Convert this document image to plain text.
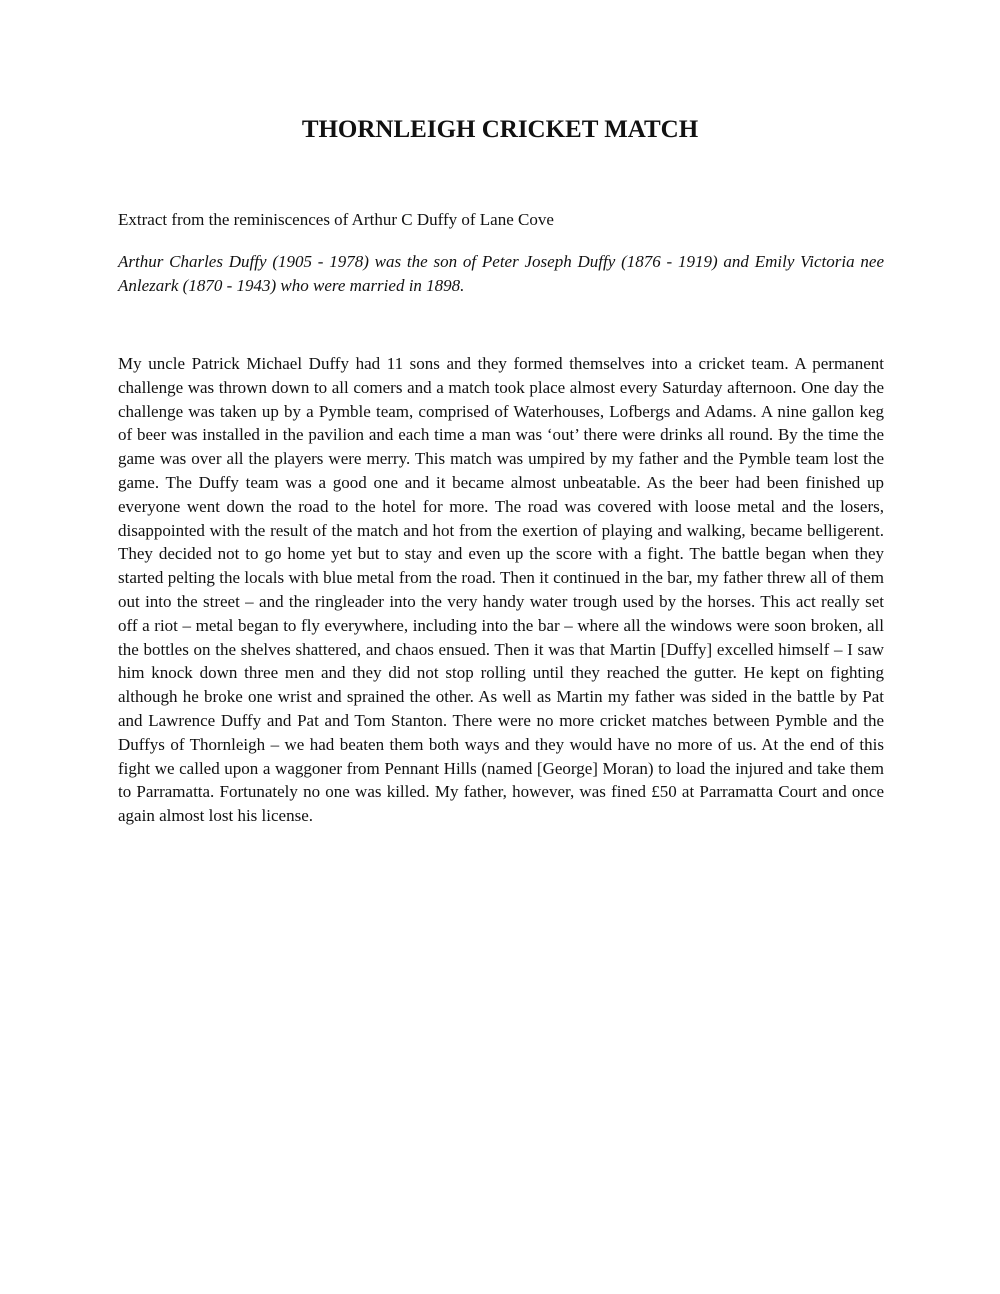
THORNLEIGH CRICKET MATCH

Extract from the reminiscences of Arthur C Duffy of Lane Cove

Arthur Charles Duffy (1905 - 1978) was the son of Peter Joseph Duffy (1876 - 1919) and Emily Victoria nee Anlezark (1870 - 1943) who were married in 1898.

My uncle Patrick Michael Duffy had 11 sons and they formed themselves into a cricket team. A permanent challenge was thrown down to all comers and a match took place almost every Saturday afternoon. One day the challenge was taken up by a Pymble team, comprised of Waterhouses, Lofbergs and Adams. A nine gallon keg of beer was installed in the pavilion and each time a man was ‘out’ there were drinks all round. By the time the game was over all the players were merry. This match was umpired by my father and the Pymble team lost the game. The Duffy team was a good one and it became almost unbeatable. As the beer had been finished up everyone went down the road to the hotel for more. The road was covered with loose metal and the losers, disappointed with the result of the match and hot from the exertion of playing and walking, became belligerent. They decided not to go home yet but to stay and even up the score with a fight. The battle began when they started pelting the locals with blue metal from the road. Then it continued in the bar, my father threw all of them out into the street – and the ringleader into the very handy water trough used by the horses. This act really set off a riot – metal began to fly everywhere, including into the bar – where all the windows were soon broken, all the bottles on the shelves shattered, and chaos ensued. Then it was that Martin [Duffy] excelled himself – I saw him knock down three men and they did not stop rolling until they reached the gutter. He kept on fighting although he broke one wrist and sprained the other. As well as Martin my father was sided in the battle by Pat and Lawrence Duffy and Pat and Tom Stanton. There were no more cricket matches between Pymble and the Duffys of Thornleigh – we had beaten them both ways and they would have no more of us. At the end of this fight we called upon a waggoner from Pennant Hills (named [George] Moran) to load the injured and take them to Parramatta. Fortunately no one was killed. My father, however, was fined £50 at Parramatta Court and once again almost lost his license.
